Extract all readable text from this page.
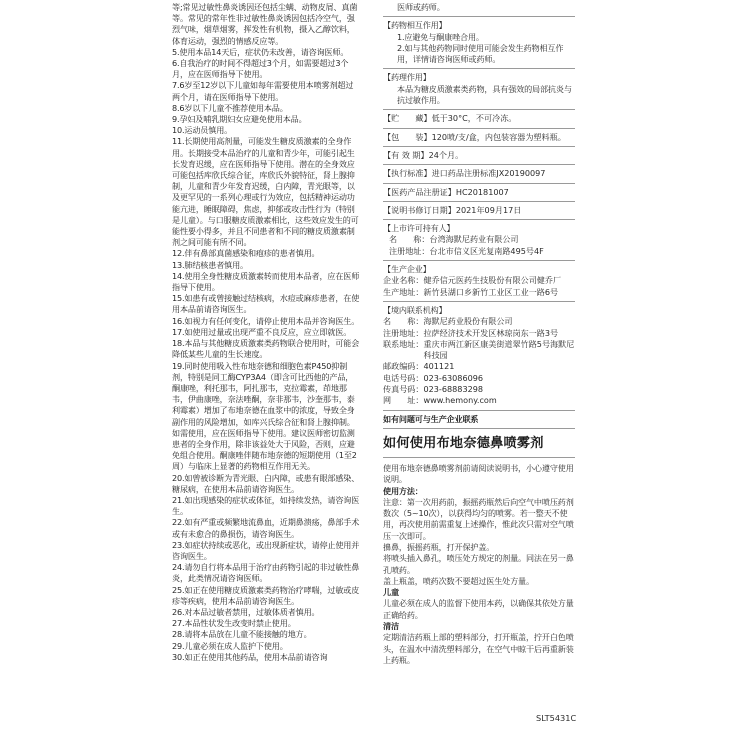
等;常见过敏性鼻炎诱因还包括尘螨、动物皮屑、真菌等。常见的常年性非过敏性鼻炎诱因包括冷空气，强烈气味，烟草烟雾，挥发性有机物，摄入乙醇饮料，体育运动，强烈的情感反应等。

5.使用本品14天后，症状仍未改善，请咨询医师。

6.自我治疗的时间不得超过3个月，如需要超过3个月，应在医师指导下使用。

7.6岁至12岁以下儿童如每年需要使用本喷雾剂超过两个月，请在医师指导下使用。

8.6岁以下儿童不推荐使用本品。

9.孕妇及哺乳期妇女应避免使用本品。

10.运动员慎用。

11.长期使用高剂量，可能发生糖皮质激素的全身作用。长期接受本品治疗的儿童和青少年，可能引起生长发育迟缓，应在医师指导下使用。潜在的全身效应可能包括库欣氏综合征，库欣氏外貌特征，肾上腺抑制，儿童和青少年发育迟缓，白内障，青光眼等，以及更罕见的一系列心理或行为效应，包括精神运动功能亢进，睡眠障碍，焦虑，抑郁或攻击性行为（特别是儿童）。与口服糖皮质激素相比，这些效应发生的可能性要小得多，并且不同患者和不同的糖皮质激素制剂之间可能有所不同。

12.伴有鼻部真菌感染和疱疹的患者慎用。

13.肺结核患者慎用。

14.使用全身性糖皮质激素转而使用本品者，应在医师指导下使用。

15.如患有或曾接触过结核病，水痘或麻疹患者，在使用本品前请咨询医生。

16.如视力有任何变化，请停止使用本品并咨询医生。

17.如使用过量或出现严重不良反应，应立即就医。

18.本品与其他糖皮质激素类药物联合使用时，可能会降低某些儿童的生长速度。

19.同时使用吸入性布地奈德和细胞色素P450抑制剂，特别是同工酶CYP3A4（即含可比西他的产品，酮康唑，利托那韦，阿扎那韦，克拉霉素，茚地那韦，伊曲康唑，奈法唑酮，奈非那韦，沙奎那韦，泰利霉素）增加了布地奈德在血浆中的浓度，导致全身副作用的风险增加，如库兴氏综合征和肾上腺抑制。如需使用，应在医师指导下使用。建议医师密切监测患者的全身作用，除非该益处大于风险，否则，应避免组合使用。酮康唑伴随布地奈德的短期使用（1至2周）与临床上显著的药物相互作用无关。

20.如曾被诊断为青光眼、白内障，或患有眼部感染、糖尿病，在使用本品前请咨询医生。

21.如出现感染的症状或体征，如持续发热，请咨询医生。

22.如有严重或频繁地流鼻血，近期鼻溃疡，鼻部手术或有未愈合的鼻损伤，请咨询医生。

23.如症状持续或恶化，或出现新症状，请停止使用并咨询医生。

24.请勿自行将本品用于治疗由药物引起的非过敏性鼻炎，此类情况请咨询医师。

25.如正在使用糖皮质激素类药物治疗哮喘，过敏或皮疹等疾病，使用本品前请咨询医生。

26.对本品过敏者禁用，过敏体质者慎用。

27.本品性状发生改变时禁止使用。

28.请将本品放在儿童不能接触的地方。

29.儿童必须在成人监护下使用。

30.如正在使用其他药品，使用本品前请咨询

医师或药师。

【药物相互作用】

1.应避免与酮康唑合用。

2.如与其他药物同时使用可能会发生药物相互作用，详情请咨询医师或药师。

【药理作用】

本品为糖皮质激素类药物，具有强效的局部抗炎与抗过敏作用。

【贮　　藏】 低于30°C，不可冷冻。
【包　　装】 120喷/支/盒，内包装容器为塑料瓶。
【有 效 期】 24个月。
【执行标准】 进口药品注册标准JX20190097
【医药产品注册证】 HC20181007
【说明书修订日期】 2021年09月17日

【上市许可持有人】

名　　称： 台湾海默尼药业有限公司
注册地址： 台北市信义区光复南路495号4F

【生产企业】

企业名称： 健乔信元医药生技股份有限公司健乔厂
生产地址： 新竹县湖口乡新竹工业区工业一路6号

【境内联系机构】

名　　称： 海默尼药业股份有限公司
注册地址： 拉萨经济技术开发区林琼岗东一路3号
联系地址： 重庆市两江新区康美街道翠竹路5号海默尼科技园
邮政编码： 401121
电话号码： 023-63086096
传真号码： 023-68883298
网　　址： www.hemony.com

如有问题可与生产企业联系

如何使用布地奈德鼻喷雾剂

使用布地奈德鼻喷雾剂前请阅读说明书，小心遵守使用说明。

使用方法：

注意：第一次用药前，振摇药瓶然后向空气中喷压药剂数次（5~10次），以获得均匀的喷雾。若一整天不使用，再次使用前需重复上述操作，惟此次只需对空气喷压一次即可。

擤鼻，振摇药瓶，打开保护盖。

将喷头插入鼻孔，喷压处方规定的剂量。同法在另一鼻孔喷药。

盖上瓶盖，喷药次数不要超过医生处方量。

儿童

儿童必须在成人的监督下使用本药，以确保其依处方量正确给药。

清洁

定期清洁药瓶上部的塑料部分，打开瓶盖，拧开白色喷头，在温水中清洗塑料部分，在空气中晾干后再重新装上药瓶。

SLT5431C
